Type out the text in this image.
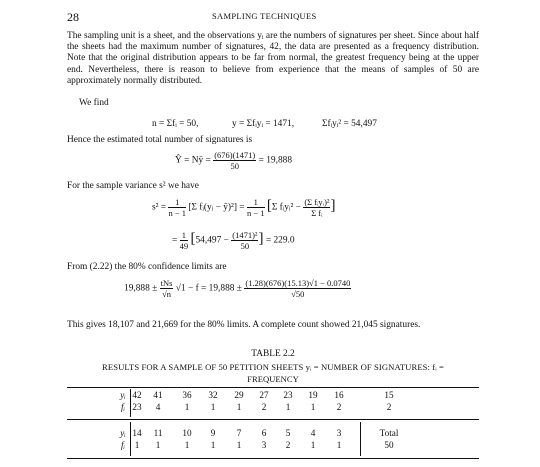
28	SAMPLING TECHNIQUES
The sampling unit is a sheet, and the observations yᵢ are the numbers of signatures per sheet. Since about half the sheets had the maximum number of signatures, 42, the data are presented as a frequency distribution. Note that the original distribution appears to be far from normal, the greatest frequency being at the upper end. Nevertheless, there is reason to believe from experience that the means of samples of 50 are approximately normally distributed.
We find
n = Σfᵢ = 50,	y = Σfᵢyᵢ = 1471,	Σfᵢyᵢ² = 54,497
Hence the estimated total number of signatures is
Ŷ = Nȳ = $\frac{(676)(1471)}{50} = 19,888$
For the sample variance s² we have
$s^2 = \frac{1}{n - 1} [\Sigma$ fᵢ(yᵢ − ȳ)²] = $\frac{1}{n - 1} [\Sigma$ fᵢyᵢ² − $\frac{\text{(Σ fᵢyᵢ)²}}{\text{Σ fᵢ}}$ ]
= $\frac{1}{49} [54,497 - \frac{\text{(1471)²}}{50}$ ] = 229.0
From (2.22) the 80% confidence limits are
$19,888 \pm \frac{\text{tNs}}{√n} √1 - f = 19,888 \pm \frac{(1.28)(676)(15.13)√1 - 0.0740}{√50}$
This gives 18,107 and 21,669 for the 80% limits. A complete count showed 21,045 signatures.
TABLE 2.2
RESULTS FOR A SAMPLE OF 50 PETITION SHEETS yᵢ = NUMBER OF SIGNATURES: fᵢ =
FREQUENCY
yᵢ 42	41	36	32	29	27	23	19	16	15
fᵢ 23	4	1	1	1	2	1	1	2	2
yᵢ 14	11	10	9	7	6	5	4	3	Total
fᵢ	1	1	1	1	1	3	2	1	1	50
